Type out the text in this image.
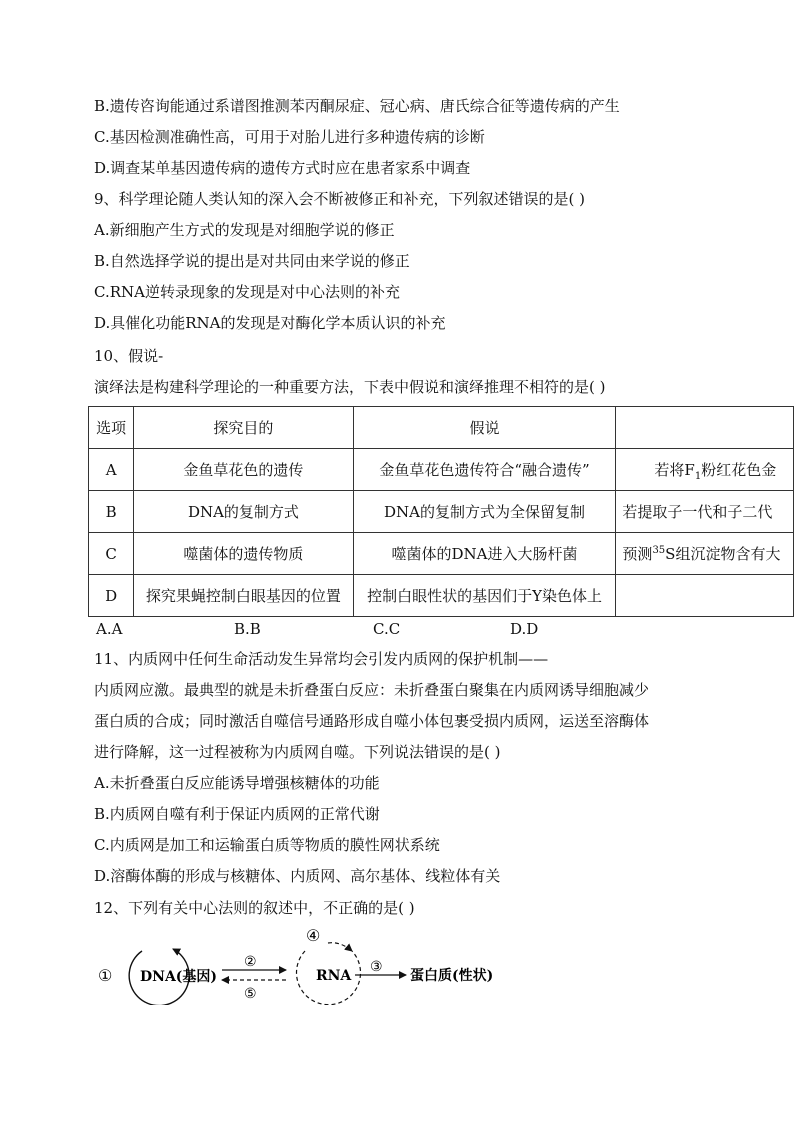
B.遗传咨询能通过系谱图推测苯丙酮尿症、冠心病、唐氏综合征等遗传病的产生
C.基因检测准确性高，可用于对胎儿进行多种遗传病的诊断
D.调查某单基因遗传病的遗传方式时应在患者家系中调查
9、科学理论随人类认知的深入会不断被修正和补充，下列叙述错误的是( )
A.新细胞产生方式的发现是对细胞学说的修正
B.自然选择学说的提出是对共同由来学说的修正
C.RNA逆转录现象的发现是对中心法则的补充
D.具催化功能RNA的发现是对酶化学本质认识的补充
10、假说-
演绎法是构建科学理论的一种重要方法，下表中假说和演绎推理不相符的是( )
选项	探究目的	假说	
A	金鱼草花色的遗传	金鱼草花色遗传符合“融合遗传”	若将$F_1$粉红花色金
B	DNA的复制方式	DNA的复制方式为全保留复制	若提取子一代和子二代
C	噬菌体的遗传物质	噬菌体的DNA进入大肠杆菌	预测$^{35}$S组沉淀物含有大
D	探究果蝇控制白眼基因的位置	控制白眼性状的基因们于Y染色体上	
A.A	B.B	C.C	D.D
11、内质网中任何生命活动发生异常均会引发内质网的保护机制——
内质网应激。最典型的就是未折叠蛋白反应：未折叠蛋白聚集在内质网诱导细胞减少
蛋白质的合成；同时激活自噬信号通路形成自噬小体包裹受损内质网，运送至溶酶体
进行降解，这一过程被称为内质网自噬。下列说法错误的是( )
A.未折叠蛋白反应能诱导增强核糖体的功能
B.内质网自噬有利于保证内质网的正常代谢
C.内质网是加工和运输蛋白质等物质的膜性网状系统
D.溶酶体酶的形成与核糖体、内质网、高尔基体、线粒体有关
12、下列有关中心法则的叙述中，不正确的是( )
① DNA(基因)
②
⑤
④
RNA
③
蛋白质(性状)
